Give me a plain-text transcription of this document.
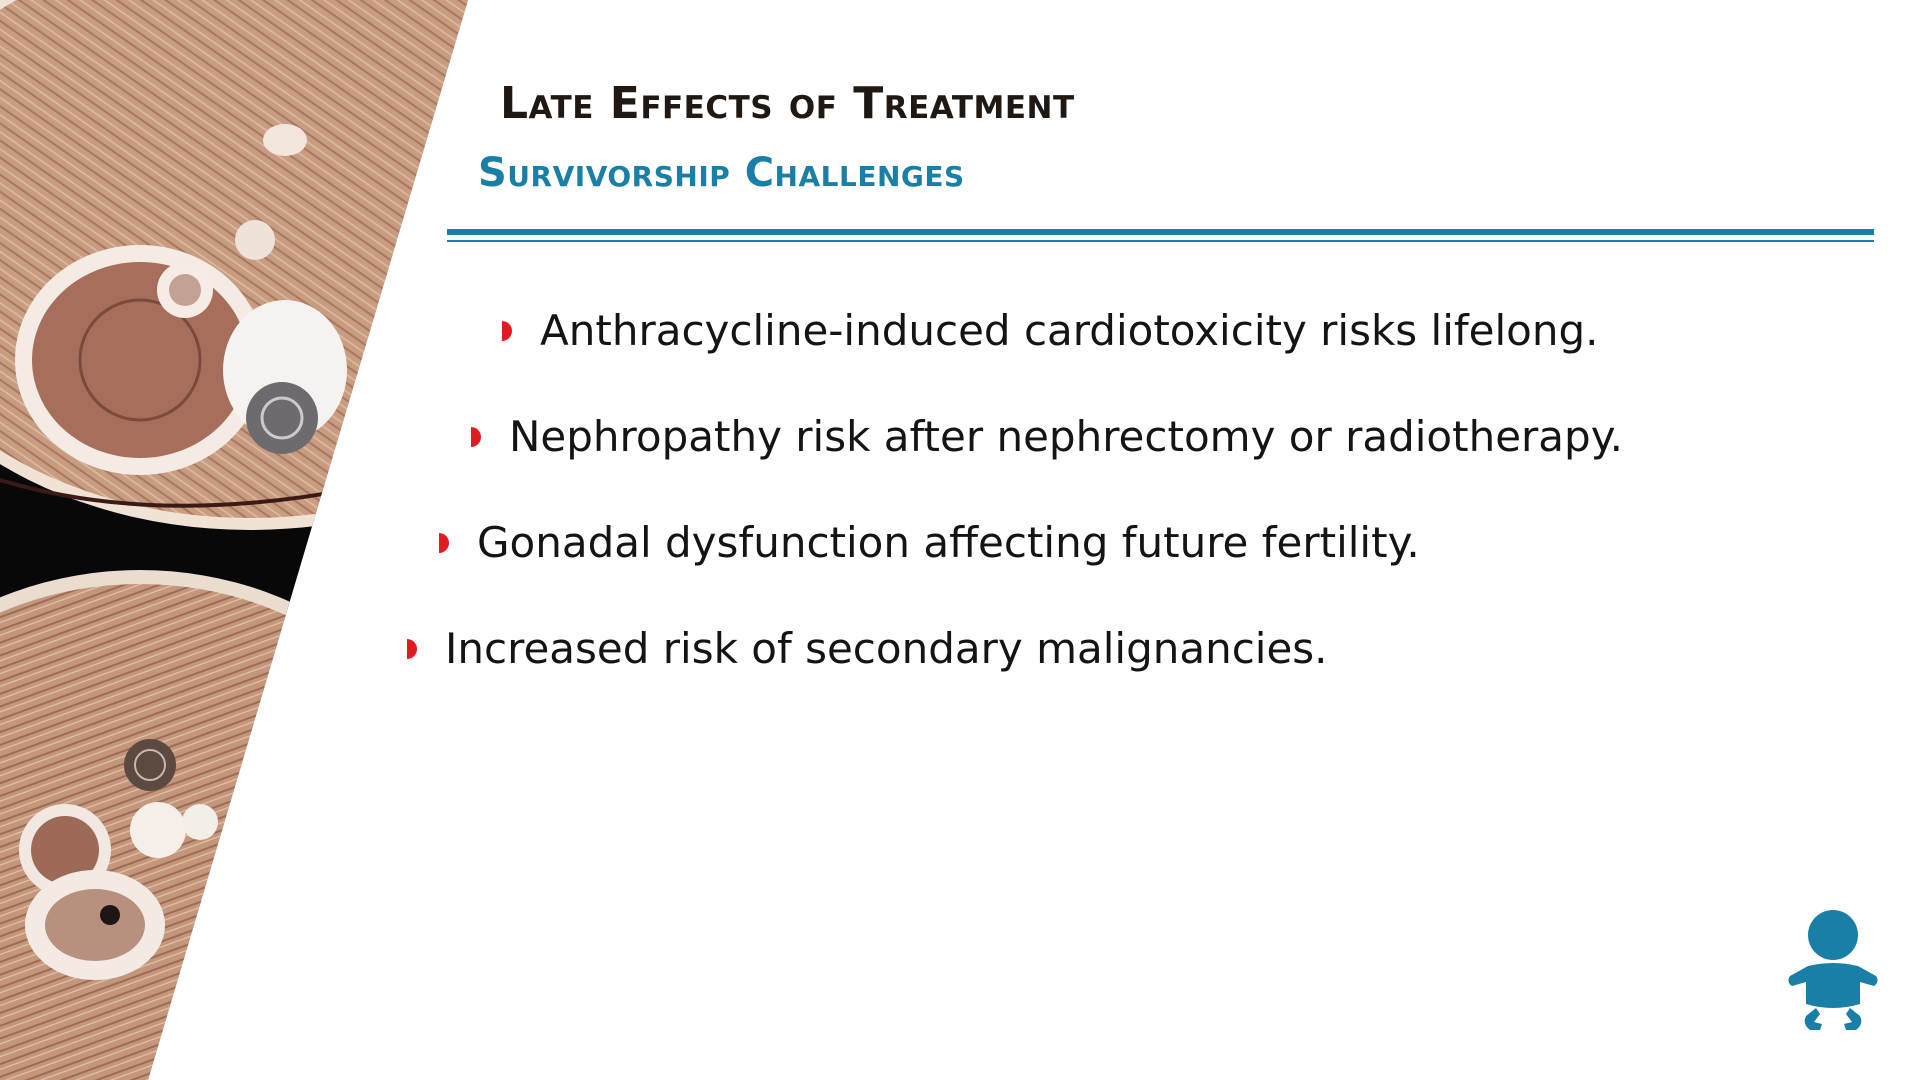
Late Effects of Treatment
Survivorship Challenges
Anthracycline-induced cardiotoxicity risks lifelong.
Nephropathy risk after nephrectomy or radiotherapy.
Gonadal dysfunction affecting future fertility.
Increased risk of secondary malignancies.
